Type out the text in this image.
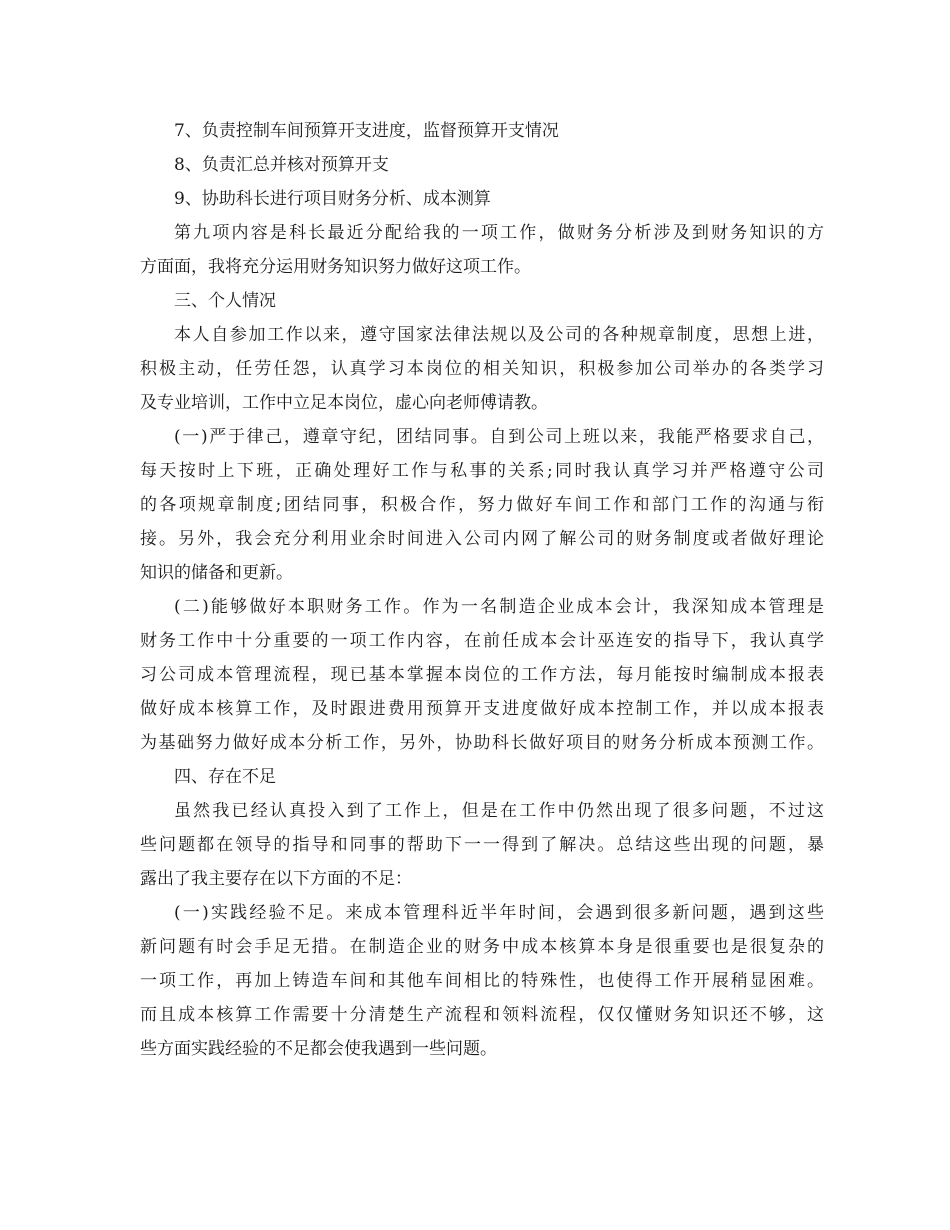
7、负责控制车间预算开支进度，监督预算开支情况
8、负责汇总并核对预算开支
9、协助科长进行项目财务分析、成本测算
第九项内容是科长最近分配给我的一项工作，做财务分析涉及到财务知识的方
方面面，我将充分运用财务知识努力做好这项工作。
三、个人情况
本人自参加工作以来，遵守国家法律法规以及公司的各种规章制度，思想上进，
积极主动，任劳任怨，认真学习本岗位的相关知识，积极参加公司举办的各类学习
及专业培训，工作中立足本岗位，虚心向老师傅请教。
(一)严于律己，遵章守纪，团结同事。自到公司上班以来，我能严格要求自己，
每天按时上下班，正确处理好工作与私事的关系;同时我认真学习并严格遵守公司
的各项规章制度;团结同事，积极合作，努力做好车间工作和部门工作的沟通与衔
接。另外，我会充分利用业余时间进入公司内网了解公司的财务制度或者做好理论
知识的储备和更新。
(二)能够做好本职财务工作。作为一名制造企业成本会计，我深知成本管理是
财务工作中十分重要的一项工作内容，在前任成本会计巫连安的指导下，我认真学
习公司成本管理流程，现已基本掌握本岗位的工作方法，每月能按时编制成本报表
做好成本核算工作，及时跟进费用预算开支进度做好成本控制工作，并以成本报表
为基础努力做好成本分析工作，另外，协助科长做好项目的财务分析成本预测工作。
四、存在不足
虽然我已经认真投入到了工作上，但是在工作中仍然出现了很多问题，不过这
些问题都在领导的指导和同事的帮助下一一得到了解决。总结这些出现的问题，暴
露出了我主要存在以下方面的不足：
(一)实践经验不足。来成本管理科近半年时间，会遇到很多新问题，遇到这些
新问题有时会手足无措。在制造企业的财务中成本核算本身是很重要也是很复杂的
一项工作，再加上铸造车间和其他车间相比的特殊性，也使得工作开展稍显困难。
而且成本核算工作需要十分清楚生产流程和领料流程，仅仅懂财务知识还不够，这
些方面实践经验的不足都会使我遇到一些问题。
